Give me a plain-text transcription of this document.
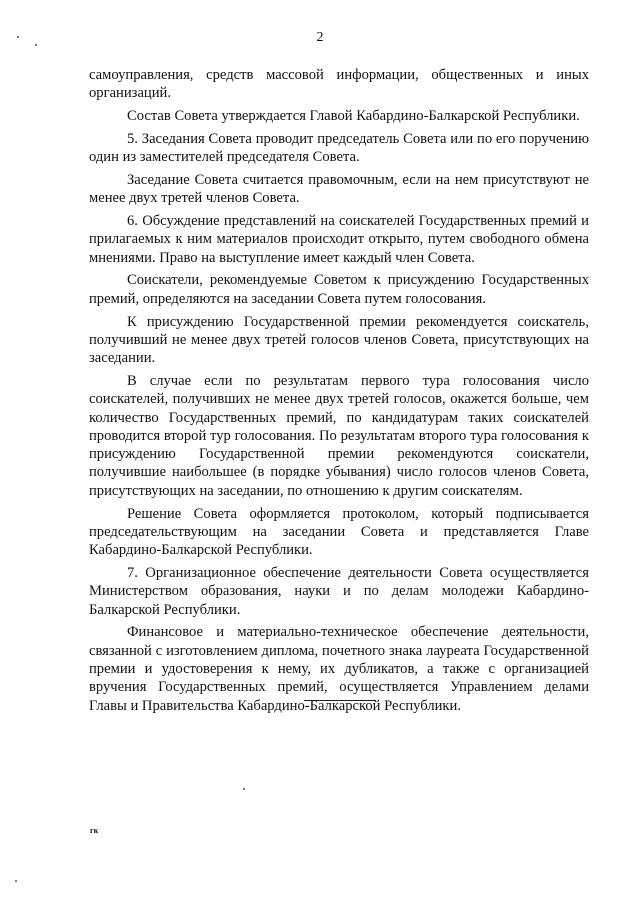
2

самоуправления, средств массовой информации, общественных и иных организаций.

Состав Совета утверждается Главой Кабардино-Балкарской Республики.

5. Заседания Совета проводит председатель Совета или по его поручению один из заместителей председателя Совета.

Заседание Совета считается правомочным, если на нем присутствуют не менее двух третей членов Совета.

6. Обсуждение представлений на соискателей Государственных премий и прилагаемых к ним материалов происходит открыто, путем свободного обмена мнениями. Право на выступление имеет каждый член Совета.

Соискатели, рекомендуемые Советом к присуждению Государственных премий, определяются на заседании Совета путем голосования.

К присуждению Государственной премии рекомендуется соискатель, получивший не менее двух третей голосов членов Совета, присутствующих на заседании.

В случае если по результатам первого тура голосования число соискателей, получивших не менее двух третей голосов, окажется больше, чем количество Государственных премий, по кандидатурам таких соискателей проводится второй тур голосования. По результатам второго тура голосования к присуждению Государственной премии рекомендуются соискатели, получившие наибольшее (в порядке убывания) число голосов членов Совета, присутствующих на заседании, по отношению к другим соискателям.

Решение Совета оформляется протоколом, который подписывается председательствующим на заседании Совета и представляется Главе Кабардино-Балкарской Республики.

7. Организационное обеспечение деятельности Совета осуществляется Министерством образования, науки и по делам молодежи Кабардино-Балкарской Республики.

Финансовое и материально-техническое обеспечение деятельности, связанной с изготовлением диплома, почетного знака лауреата Государственной премии и удостоверения к нему, их дубликатов, а также с организацией вручения Государственных премий, осуществляется Управлением делами Главы и Правительства Кабардино-Балкарской Республики.

гк
